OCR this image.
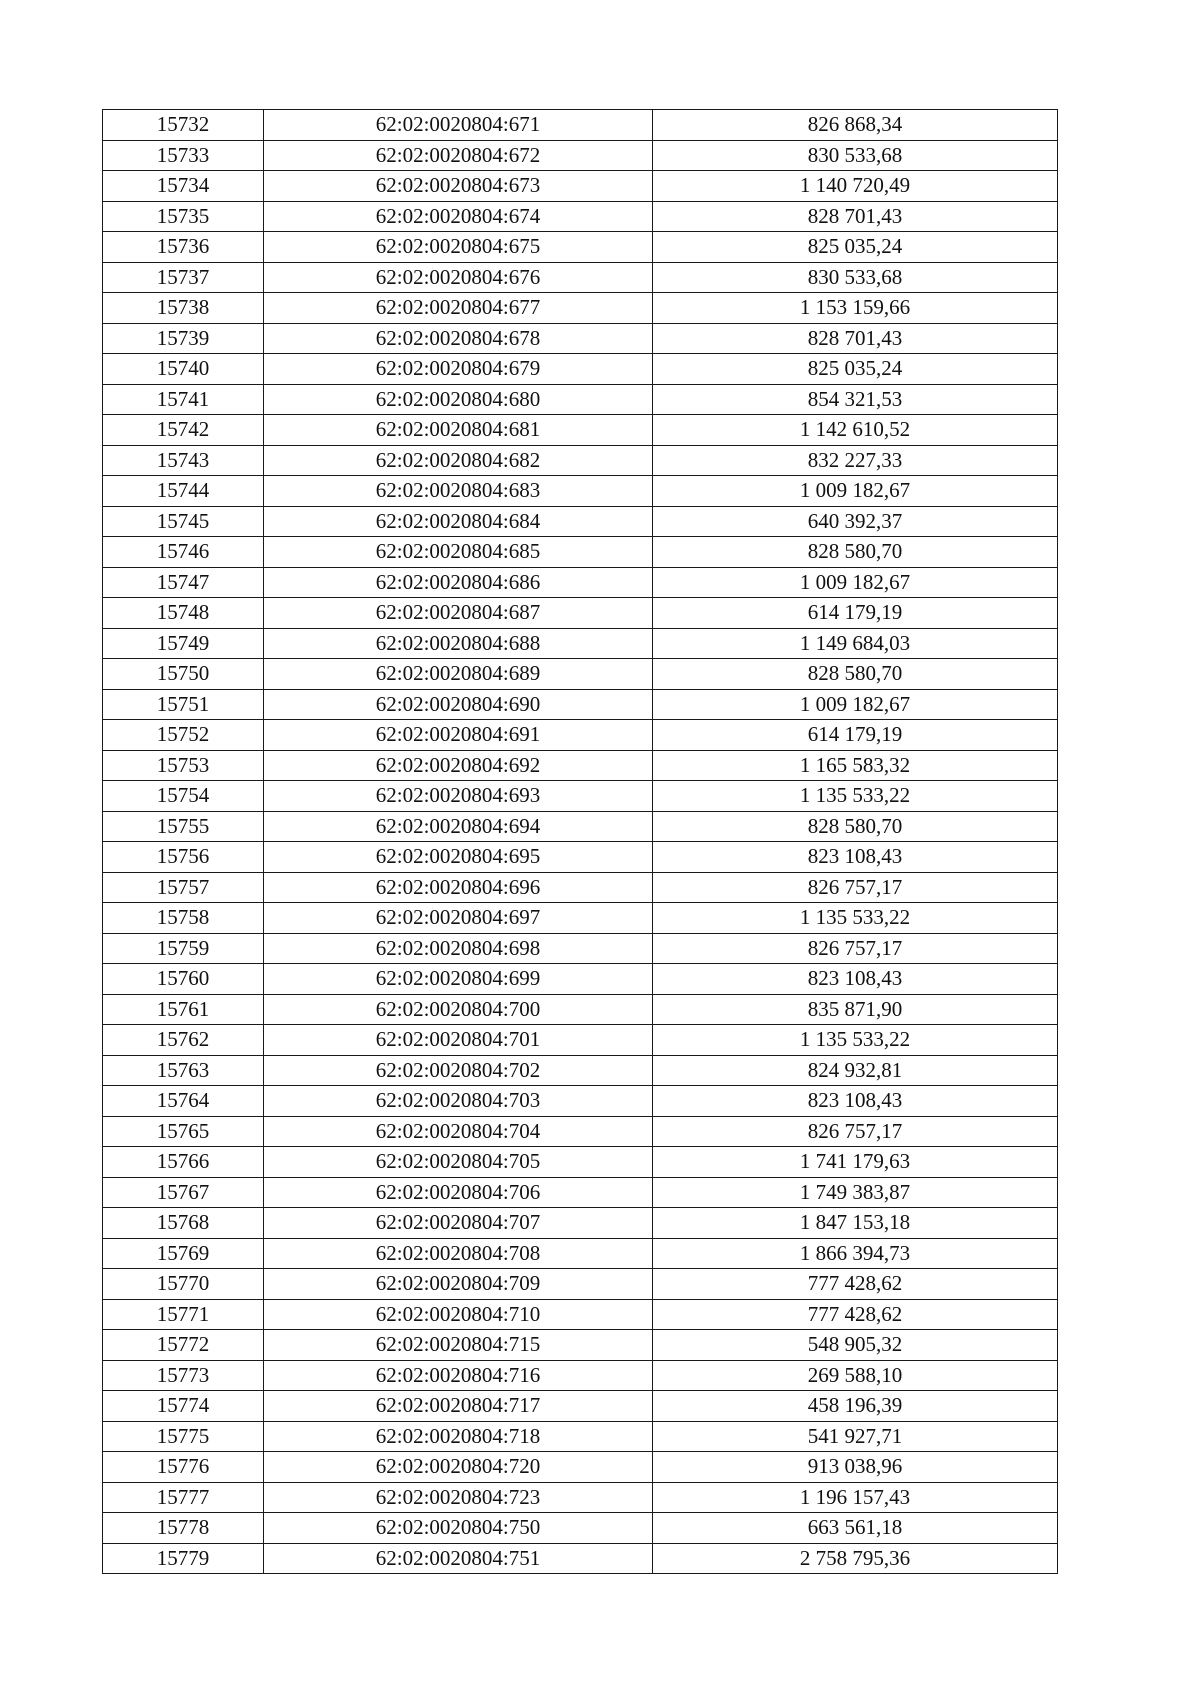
15732	62:02:0020804:671	826 868,34
15733	62:02:0020804:672	830 533,68
15734	62:02:0020804:673	1 140 720,49
15735	62:02:0020804:674	828 701,43
15736	62:02:0020804:675	825 035,24
15737	62:02:0020804:676	830 533,68
15738	62:02:0020804:677	1 153 159,66
15739	62:02:0020804:678	828 701,43
15740	62:02:0020804:679	825 035,24
15741	62:02:0020804:680	854 321,53
15742	62:02:0020804:681	1 142 610,52
15743	62:02:0020804:682	832 227,33
15744	62:02:0020804:683	1 009 182,67
15745	62:02:0020804:684	640 392,37
15746	62:02:0020804:685	828 580,70
15747	62:02:0020804:686	1 009 182,67
15748	62:02:0020804:687	614 179,19
15749	62:02:0020804:688	1 149 684,03
15750	62:02:0020804:689	828 580,70
15751	62:02:0020804:690	1 009 182,67
15752	62:02:0020804:691	614 179,19
15753	62:02:0020804:692	1 165 583,32
15754	62:02:0020804:693	1 135 533,22
15755	62:02:0020804:694	828 580,70
15756	62:02:0020804:695	823 108,43
15757	62:02:0020804:696	826 757,17
15758	62:02:0020804:697	1 135 533,22
15759	62:02:0020804:698	826 757,17
15760	62:02:0020804:699	823 108,43
15761	62:02:0020804:700	835 871,90
15762	62:02:0020804:701	1 135 533,22
15763	62:02:0020804:702	824 932,81
15764	62:02:0020804:703	823 108,43
15765	62:02:0020804:704	826 757,17
15766	62:02:0020804:705	1 741 179,63
15767	62:02:0020804:706	1 749 383,87
15768	62:02:0020804:707	1 847 153,18
15769	62:02:0020804:708	1 866 394,73
15770	62:02:0020804:709	777 428,62
15771	62:02:0020804:710	777 428,62
15772	62:02:0020804:715	548 905,32
15773	62:02:0020804:716	269 588,10
15774	62:02:0020804:717	458 196,39
15775	62:02:0020804:718	541 927,71
15776	62:02:0020804:720	913 038,96
15777	62:02:0020804:723	1 196 157,43
15778	62:02:0020804:750	663 561,18
15779	62:02:0020804:751	2 758 795,36
